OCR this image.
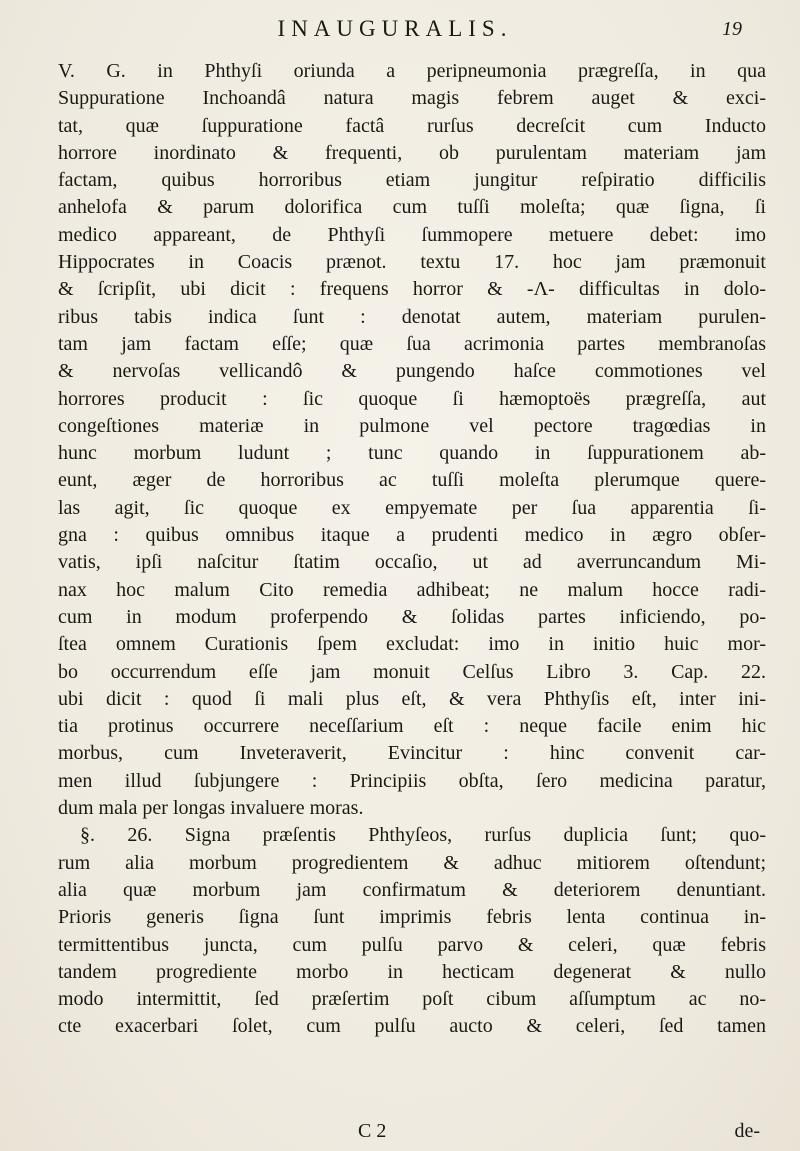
INAUGURALIS.	19
V. G. in Phthyſi oriunda a peripneumonia prægreſſa, in qua
Suppuratione Inchoandâ natura magis febrem auget & exci-
tat, quæ ſuppuratione factâ rurſus decreſcit cum Inducto
horrore inordinato & frequenti, ob purulentam materiam jam
factam, quibus horroribus etiam jungitur reſpiratio difficilis
anhelofa & parum dolorifica cum tuſſi moleſta; quæ ſigna, ſi
medico appareant, de Phthyſi ſummopere metuere debet: imo
Hippocrates in Coacis prænot. textu 17. hoc jam præmonuit
& ſcripſit, ubi dicit : frequens horror & -Λ- difficultas in dolo-
ribus tabis indica ſunt : denotat autem, materiam purulen-
tam jam factam eſſe; quæ ſua acrimonia partes membranoſas
& nervoſas vellicandô & pungendo haſce commotiones vel
horrores producit : ſic quoque ſi hæmoptoës prægreſſa, aut
congeſtiones materiæ in pulmone vel pectore tragœdias in
hunc morbum ludunt ; tunc quando in ſuppurationem ab-
eunt, æger de horroribus ac tuſſi moleſta plerumque quere-
las agit, ſic quoque ex empyemate per ſua apparentia ſi-
gna : quibus omnibus itaque a prudenti medico in ægro obſer-
vatis, ipſi naſcitur ſtatim occaſio, ut ad averruncandum Mi-
nax hoc malum Cito remedia adhibeat; ne malum hocce radi-
cum in modum proferpendo & ſolidas partes inficiendo, po-
ſtea omnem Curationis ſpem excludat: imo in initio huic mor-
bo occurrendum eſſe jam monuit Celſus Libro 3. Cap. 22.
ubi dicit : quod ſi mali plus eſt, & vera Phthyſis eſt, inter ini-
tia protinus occurrere neceſſarium eſt : neque facile enim hic
morbus, cum Inveteraverit, Evincitur : hinc convenit car-
men illud ſubjungere : Principiis obſta, ſero medicina paratur,
dum mala per longas invaluere moras.
§. 26. Signa præſentis Phthyſeos, rurſus duplicia ſunt; quo-
rum alia morbum progredientem & adhuc mitiorem oſtendunt;
alia quæ morbum jam confirmatum & deteriorem denuntiant.
Prioris generis ſigna ſunt imprimis febris lenta continua in-
termittentibus juncta, cum pulſu parvo & celeri, quæ febris
tandem progrediente morbo in hecticam degenerat & nullo
modo intermittit, ſed præſertim poſt cibum aſſumptum ac no-
cte exacerbari ſolet, cum pulſu aucto & celeri, ſed tamen
C 2	de-
